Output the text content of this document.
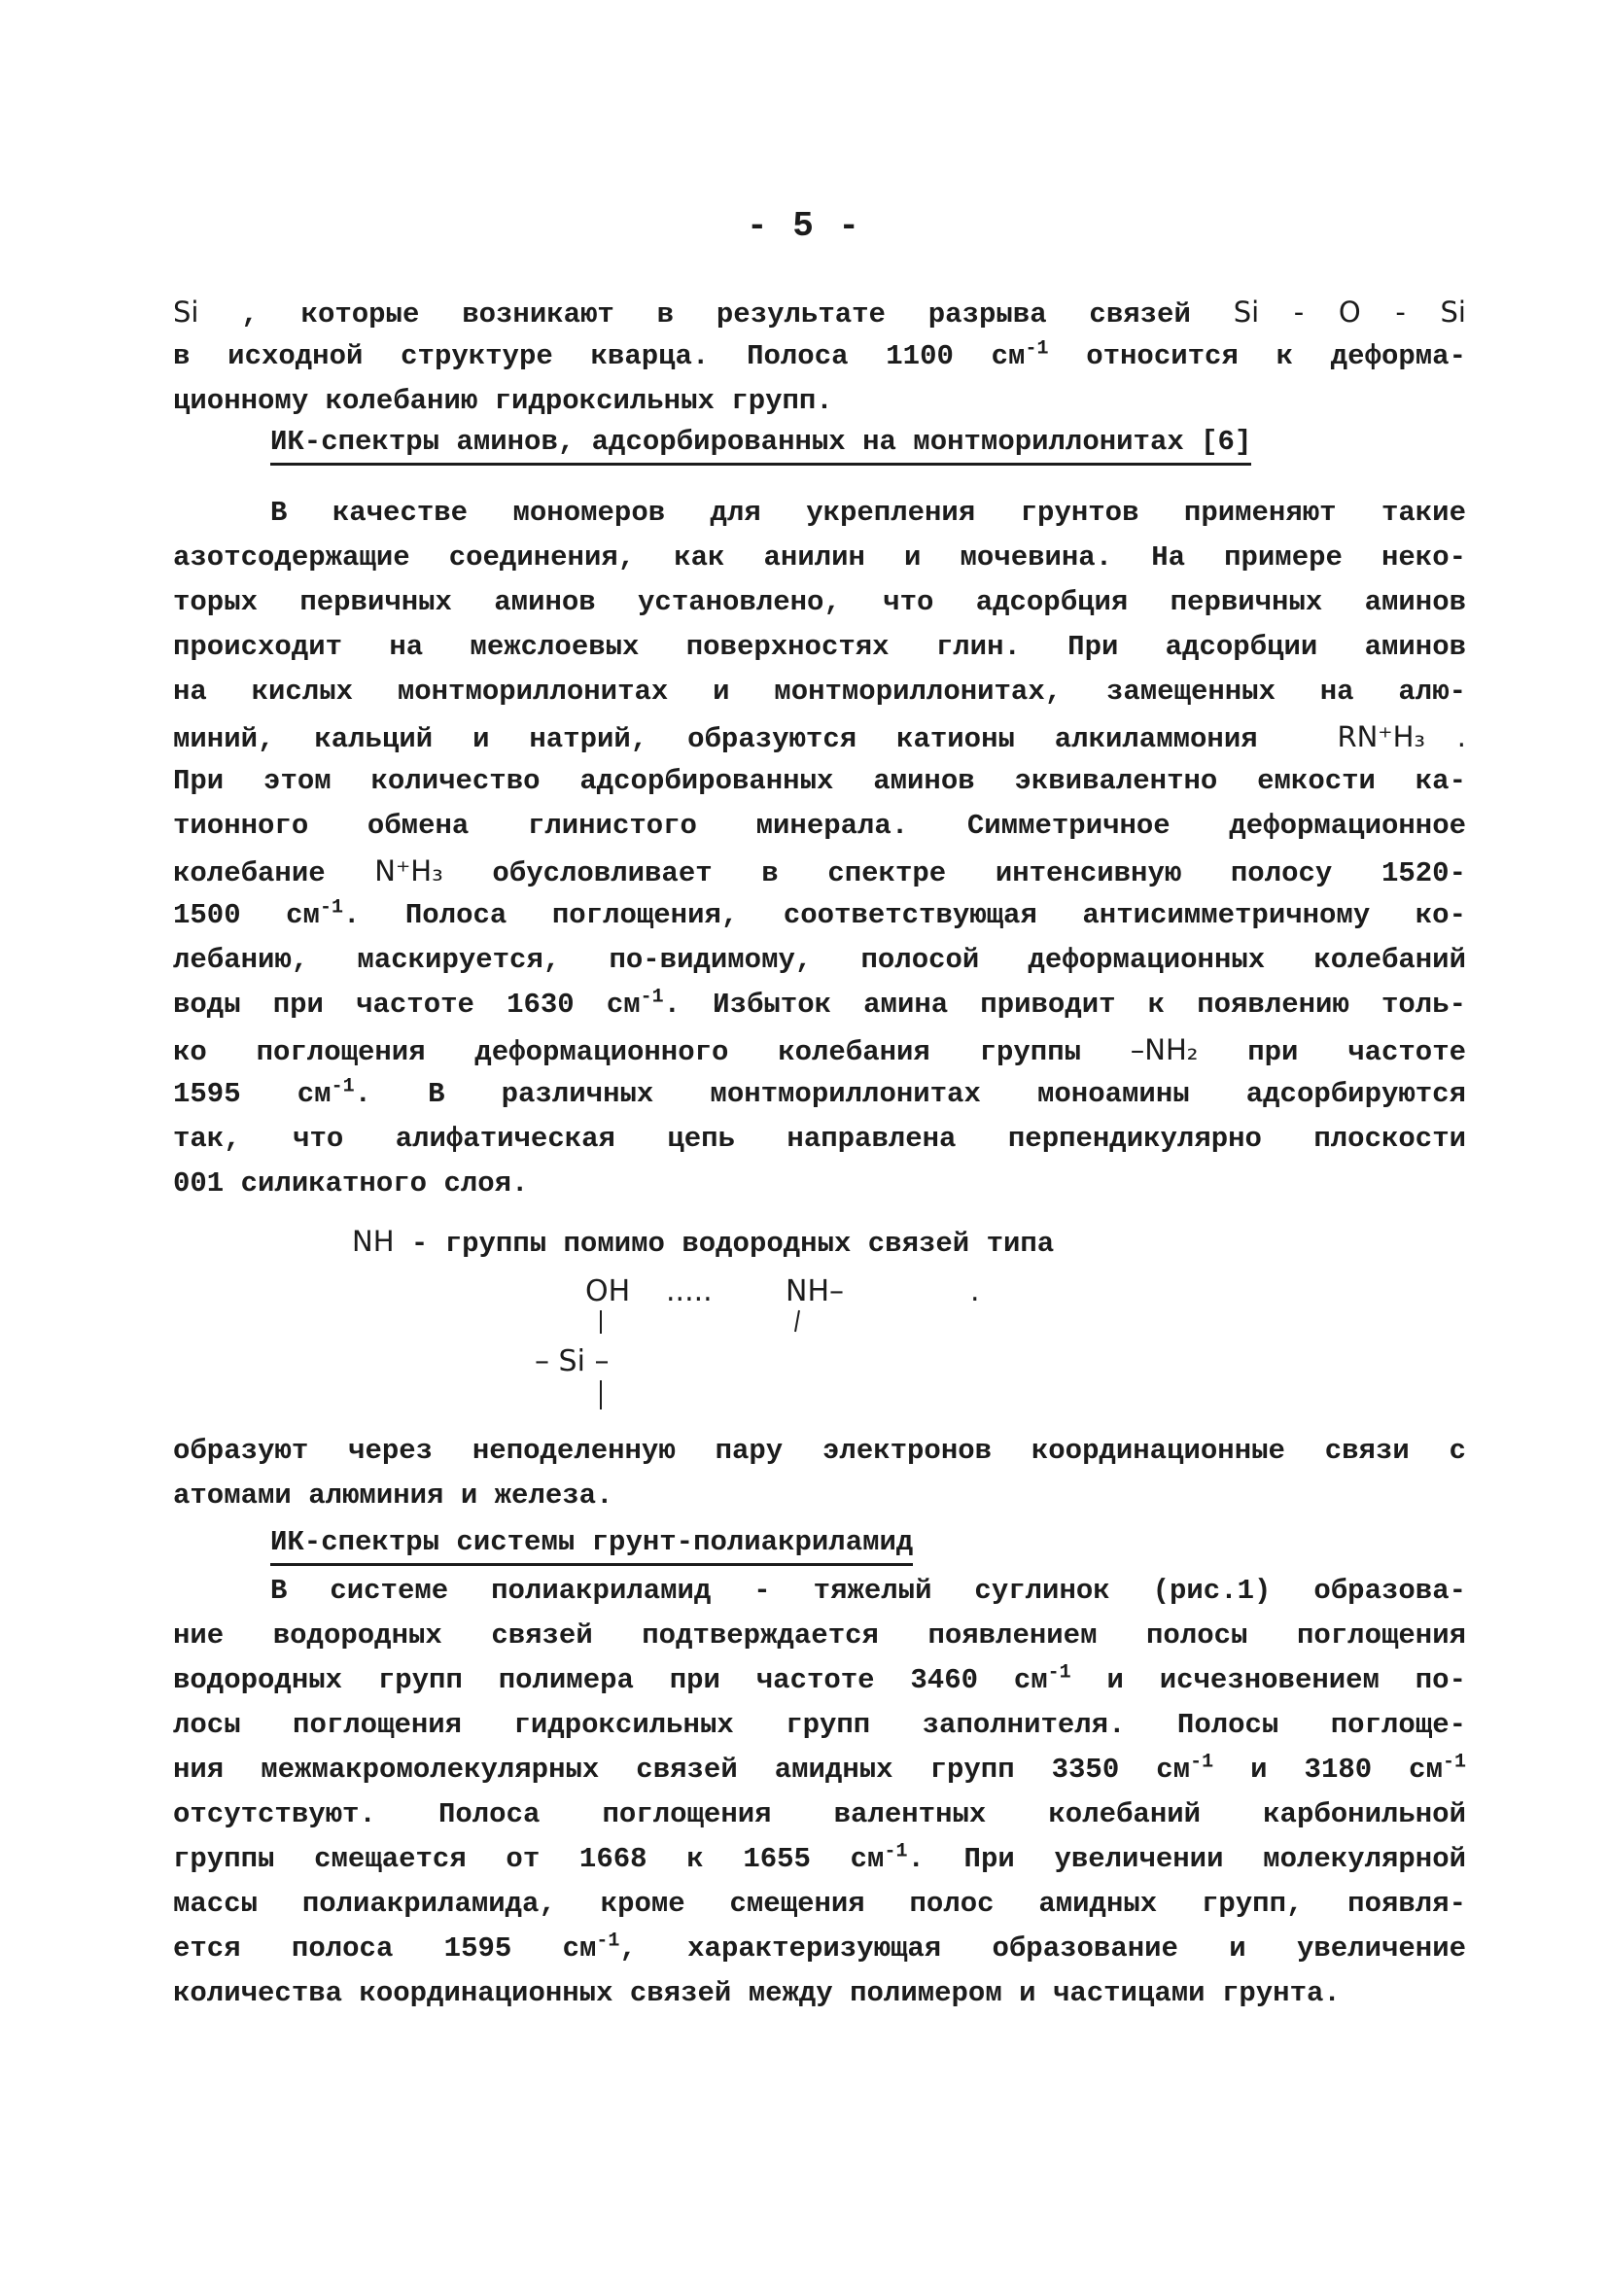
- 5 -
Si , которые возникают в результате разрыва связей Si - O - Si
в исходной структуре кварца. Полоса 1100 $см^{-1}$ относится к деформа-
ционному колебанию гидроксильных групп.
ИК-спектры аминов, адсорбированных на монтмориллонитах [6]
В качестве мономеров для укрепления грунтов применяют такие
азотсодержащие соединения, как анилин и мочевина. На примере неко-
торых первичных аминов установлено, что адсорбция первичных аминов
происходит на межслоевых поверхностях глин. При адсорбции аминов
на кислых монтмориллонитах и монтмориллонитах, замещенных на алю-
миний, кальций и натрий, образуются катионы алкиламмония	RN⁺H₃ .
При этом количество адсорбированных аминов эквивалентно емкости ка-
тионного обмена глинистого минерала. Симметричное деформационное
колебание N⁺H₃ обусловливает в спектре интенсивную полосу 1520-
1500 $см^{-1}$. Полоса поглощения, соответствующая антисимметричному ко-
лебанию, маскируется, по-видимому, полосой деформационных колебаний
воды при частоте 1630 $см^{-1}$. Избыток амина приводит к появлению толь-
ко поглощения деформационного колебания группы –NH₂ при частоте
1595 $см^{-1}$. В различных монтмориллонитах моноамины адсорбируются
так, что алифатическая цепь направлена перпендикулярно плоскости
001 силикатного слоя.
NH - группы помимо водородных связей типа
OH .....	NH–	.
– Si –
образуют через неподеленную пару электронов координационные связи с
атомами алюминия и железа.
ИК-спектры системы грунт-полиакриламид
В системе полиакриламид - тяжелый суглинок (рис.1) образова-
ние водородных связей подтверждается появлением полосы поглощения
водородных групп полимера при частоте 3460 $см^{-1}$ и исчезновением по-
лосы поглощения гидроксильных групп заполнителя. Полосы поглоще-
ния межмакромолекулярных связей амидных групп 3350 $см^{-1}$ и 3180 $см^{-1}$
отсутствуют. Полоса поглощения валентных колебаний карбонильной
группы смещается от 1668 к 1655 $см^{-1}$. При увеличении молекулярной
массы полиакриламида, кроме смещения полос амидных групп, появля-
ется полоса 1595 $см^{-1}$, характеризующая образование и увеличение
количества координационных связей между полимером и частицами грунта.
